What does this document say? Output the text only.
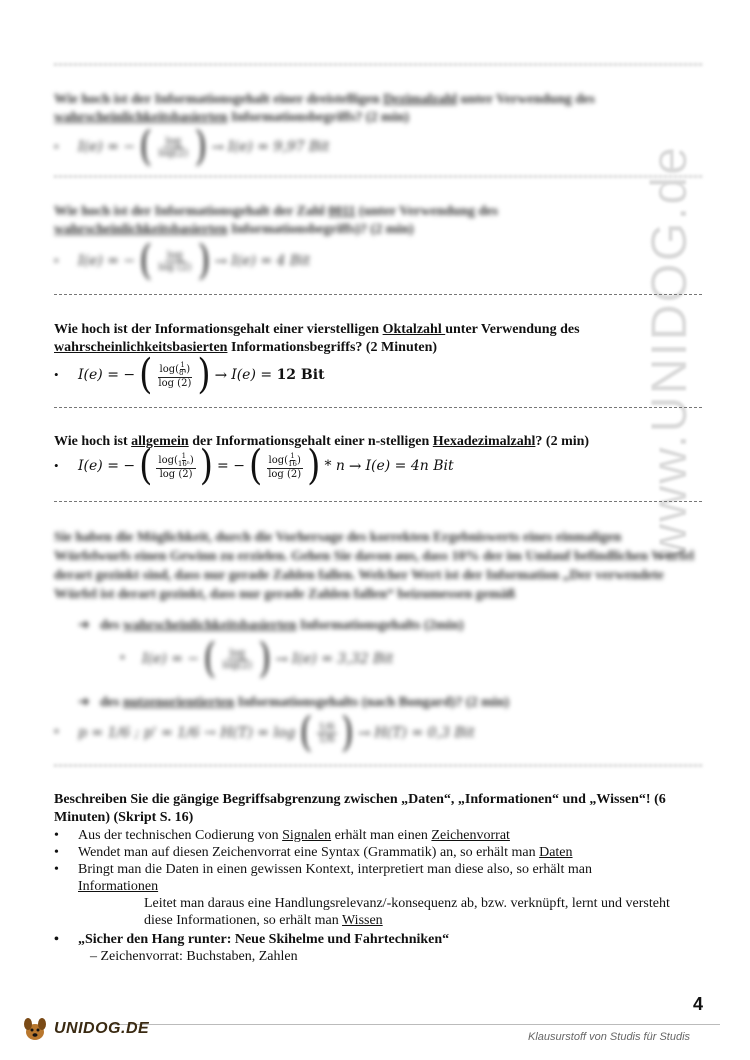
www.UNIDOG.de
Wie hoch ist der Informationsgehalt einer dreistelligen Dezimalzahl unter Verwendung des
wahrscheinlichkeitsbasierten Informationsbegriffs? (2 min)
•	I(e) = − ( $\frac{\log}{\log(2)}$ ) → I(e) = 9,97 Bit
Wie hoch ist der Informationsgehalt der Zahl 0011 (unter Verwendung des
wahrscheinlichkeitsbasierten Informationsbegriffs)? (2 min)
•	I(e) = − ( $\frac{\log}{\log (2)}$ ) → I(e) = 4 Bit
Wie hoch ist der Informationsgehalt einer vierstelligen Oktalzahl unter Verwendung des
wahrscheinlichkeitsbasierten Informationsbegriffs? (2 Minuten)
•	I(e) = − ( log ( 1
8⁴ )
log (2) ) → I(e) = 12 Bit
Wie hoch ist allgemein der Informationsgehalt einer n-stelligen Hexadezimalzahl? (2 min)
•	I(e) = − ( log ( 1
16ⁿ )
log (2) ) = − ( log ( 1
16 )
log (2) ) * n → I(e) = 4n Bit
Sie haben die Möglichkeit, durch die Vorhersage des korrekten Ergebniswerts eines einmaligen Würfelwurfs einen Gewinn zu erzielen. Gehen Sie davon aus, dass 10% der im Umlauf befindlichen Würfel derart gezinkt sind, dass nur gerade Zahlen fallen. Welcher Wert ist der Information „Der verwendete Würfel ist derart gezinkt, dass nur gerade Zahlen fallen“ beizumessen gemäß
➜ des wahrscheinlichkeitsbasierten Informationsgehalts (2min)
•	I(e) = − ( $\frac{\log}{\log(2)}$ ) → I(e) = 3,32 Bit
➜ des nutzenorientierten Informationsgehalts (nach Bongard)? (2 min)
•	p = 1/6 ; p' = 1/6 → H(T) = log ( $\frac{1/6}{1/6}$ ) → H(T) = 0,3 Bit
Beschreiben Sie die gängige Begriffsabgrenzung zwischen „Daten“, „Informationen“ und „Wissen“! (6 Minuten) (Skript S. 16)
•	Aus der technischen Codierung von Signalen erhält man einen Zeichenvorrat
•	Wendet man auf diesen Zeichenvorrat eine Syntax (Grammatik) an, so erhält man Daten
•	Bringt man die Daten in einen gewissen Kontext, interpretiert man diese also, so erhält man Informationen
Leitet man daraus eine Handlungsrelevanz/-konsequenz ab, bzw. verknüpft, lernt und versteht diese Informationen, so erhält man Wissen
•	„Sicher den Hang runter: Neue Skihelme und Fahrtechniken“
– Zeichenvorrat: Buchstaben, Zahlen
4
UNIDOG.DE	Klausurstoff von Studis für Studis
